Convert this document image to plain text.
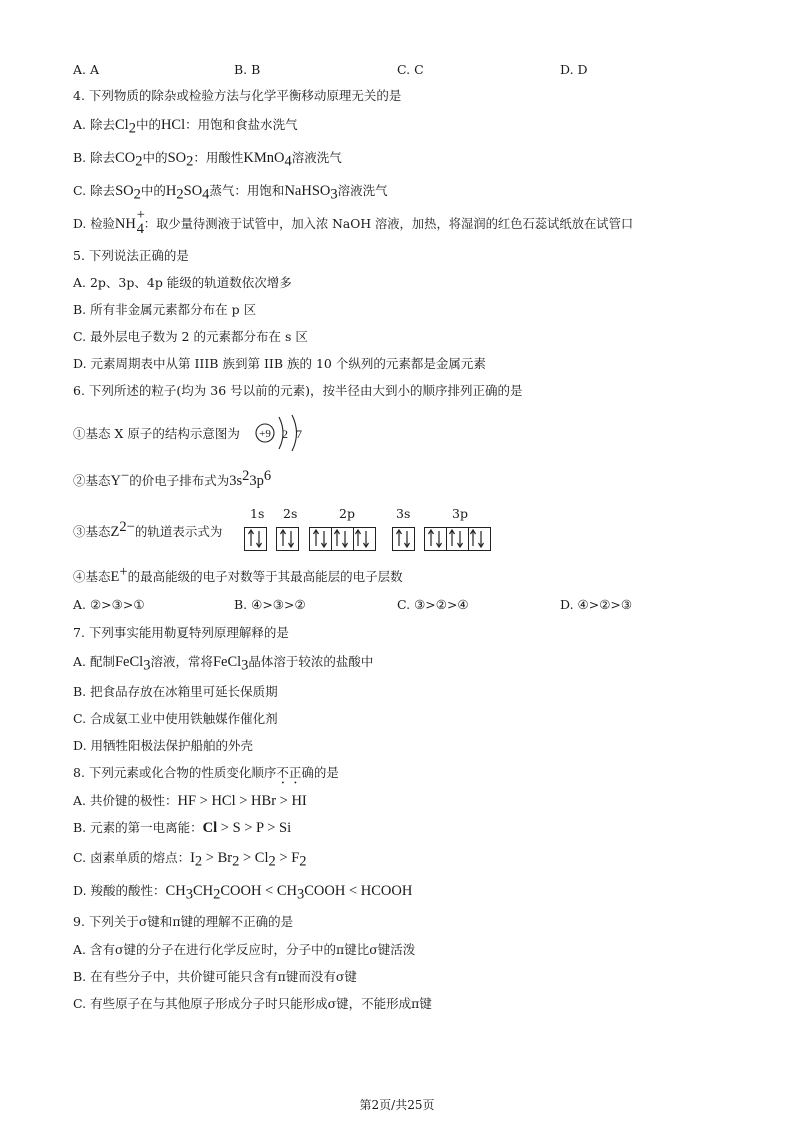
A. A	B. B	C. C	D. D
4. 下列物质的除杂或检验方法与化学平衡移动原理无关的是
A. 除去$Cl_2$中的HCl：用饱和食盐水洗气
B. 除去$CO_2$中的$SO_2$：用酸性KMnO$_4$溶液洗气
C. 除去$SO_2$中的$H_2SO_4$蒸气：用饱和NaHSO$_3$溶液洗气
D. 检验NH
+
4 ：取少量待测液于试管中，加入浓 NaOH 溶液，加热，将湿润的红色石蕊试纸放在试管口
5. 下列说法正确的是
A. 2p、3p、4p 能级的轨道数依次增多
B. 所有非金属元素都分布在 p 区
C. 最外层电子数为 2 的元素都分布在 s 区
D. 元素周期表中从第 IIIB 族到第 IIB 族的 10 个纵列的元素都是金属元素
6. 下列所述的粒子(均为 36 号以前的元素)，按半径由大到小的顺序排列正确的是
①基态 X 原子的结构示意图为 +9 2 7
②基态Y−的价电子排布式为$3s^23p^6$
③基态$Z^{2-}$的轨道表示式为
1s 2s	2p	3s	3p
④基态E+的最高能级的电子对数等于其最高能层的电子层数
A. ②>③>①	B. ④>③>②	C. ③>②>④	D. ④>②>③
7. 下列事实能用勒夏特列原理解释的是
A. 配制FeCl$_3$溶液，常将FeCl$_3$晶体溶于较浓的盐酸中
B. 把食品存放在冰箱里可延长保质期
C. 合成氨工业中使用铁触媒作催化剂
D. 用牺牲阳极法保护船舶的外壳
8. 下列元素或化合物的性质变化顺序不正确的是
A. 共价键的极性：HF > HCl > HBr > HI
B. 元素的第一电离能：Cl > S > P > Si
C. 卤素单质的熔点：$I_2 > Br_2 > Cl_2 > F_2$
D. 羧酸的酸性：$CH_3CH_2COOH$ < $CH_3COOH$ < HCOOH
9. 下列关于σ键和π键的理解不正确的是
A. 含有σ键的分子在进行化学反应时，分子中的π键比σ键活泼
B. 在有些分子中，共价键可能只含有π键而没有σ键
C. 有些原子在与其他原子形成分子时只能形成σ键，不能形成π键
第2页/共25页
